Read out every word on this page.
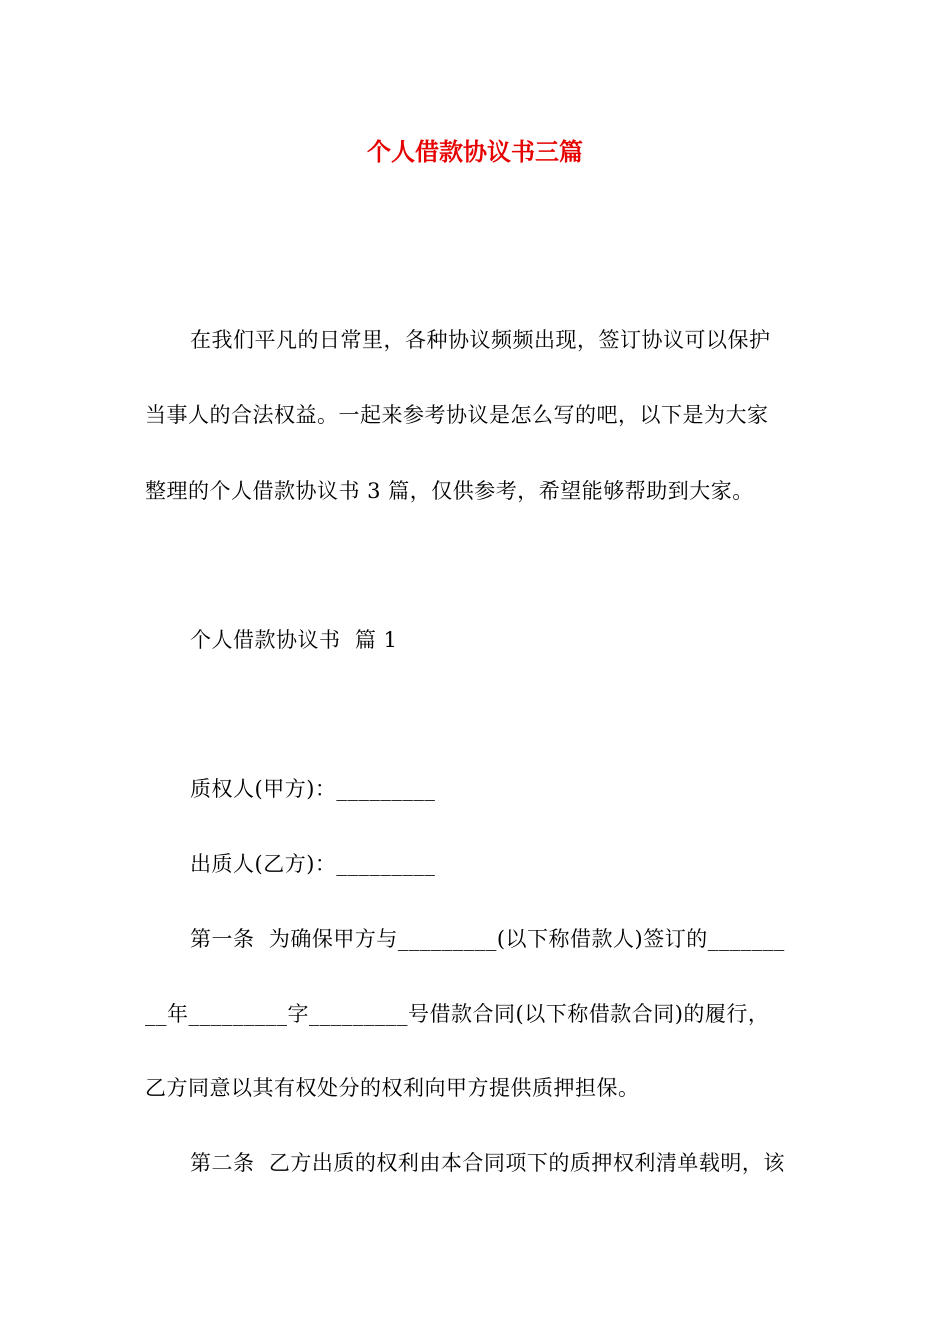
个人借款协议书三篇
在我们平凡的日常里，各种协议频频出现，签订协议可以保护
当事人的合法权益。一起来参考协议是怎么写的吧，以下是为大家
整理的个人借款协议书 3 篇，仅供参考，希望能够帮助到大家。
个人借款协议书  篇 1
质权人(甲方)：_________
出质人(乙方)：_________
第一条  为确保甲方与_________(以下称借款人)签订的_______
__年_________字_________号借款合同(以下称借款合同)的履行，
乙方同意以其有权处分的权利向甲方提供质押担保。
第二条  乙方出质的权利由本合同项下的质押权利清单载明，该
